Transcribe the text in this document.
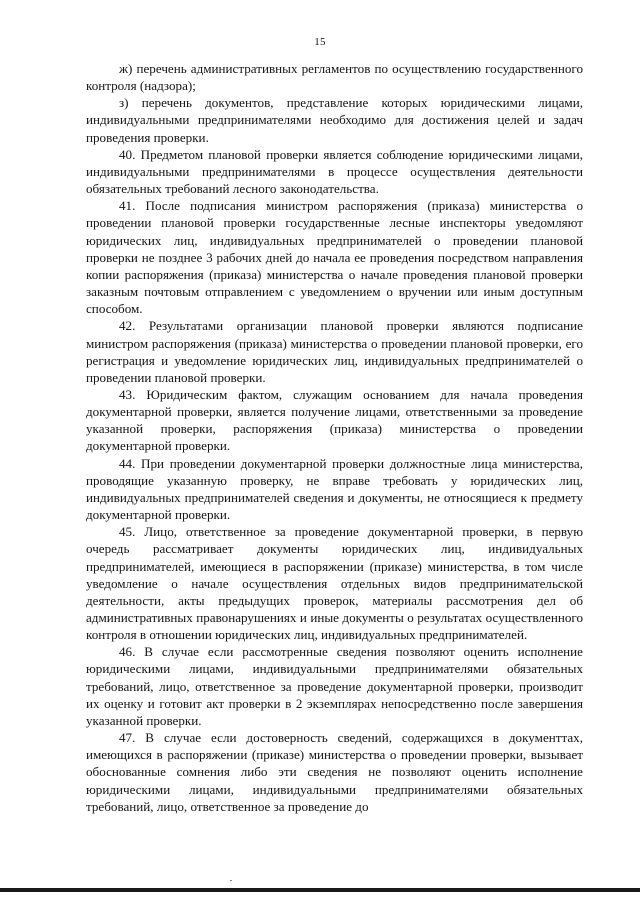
15

ж) перечень административных регламентов по осуществлению государственного контроля (надзора);

з) перечень документов, представление которых юридическими лицами, индивидуальными предпринимателями необходимо для достижения целей и задач проведения проверки.

40. Предметом плановой проверки является соблюдение юридическими лицами, индивидуальными предпринимателями в процессе осуществления деятельности обязательных требований лесного законодательства.

41. После подписания министром распоряжения (приказа) министерства о проведении плановой проверки государственные лесные инспекторы уведомляют юридических лиц, индивидуальных предпринимателей о проведении плановой проверки не позднее 3 рабочих дней до начала ее проведения посредством направления копии распоряжения (приказа) министерства о начале проведения плановой проверки заказным почтовым отправлением с уведомлением о вручении или иным доступным способом.

42. Результатами организации плановой проверки являются подписание министром распоряжения (приказа) министерства о проведении плановой проверки, его регистрация и уведомление юридических лиц, индивидуальных предпринимателей о проведении плановой проверки.

43. Юридическим фактом, служащим основанием для начала проведения документарной проверки, является получение лицами, ответственными за проведение указанной проверки, распоряжения (приказа) министерства о проведении документарной проверки.

44. При проведении документарной проверки должностные лица министерства, проводящие указанную проверку, не вправе требовать у юридических лиц, индивидуальных предпринимателей сведения и документы, не относящиеся к предмету документарной проверки.

45. Лицо, ответственное за проведение документарной проверки, в первую очередь рассматривает документы юридических лиц, индивидуальных предпринимателей, имеющиеся в распоряжении (приказе) министерства, в том числе уведомление о начале осуществления отдельных видов предпринимательской деятельности, акты предыдущих проверок, материалы рассмотрения дел об административных правонарушениях и иные документы о результатах осуществленного контроля в отношении юридических лиц, индивидуальных предпринимателей.

46. В случае если рассмотренные сведения позволяют оценить исполнение юридическими лицами, индивидуальными предпринимателями обязательных требований, лицо, ответственное за проведение документарной проверки, производит их оценку и готовит акт проверки в 2 экземплярах непосредственно после завершения указанной проверки.

47. В случае если достоверность сведений, содержащихся в документтах, имеющихся в распоряжении (приказе) министерства о проведении проверки, вызывает обоснованные сомнения либо эти сведения не позволяют оценить исполнение юридическими лицами, индивидуальными предпринимателями обязательных требований, лицо, ответственное за проведение до
